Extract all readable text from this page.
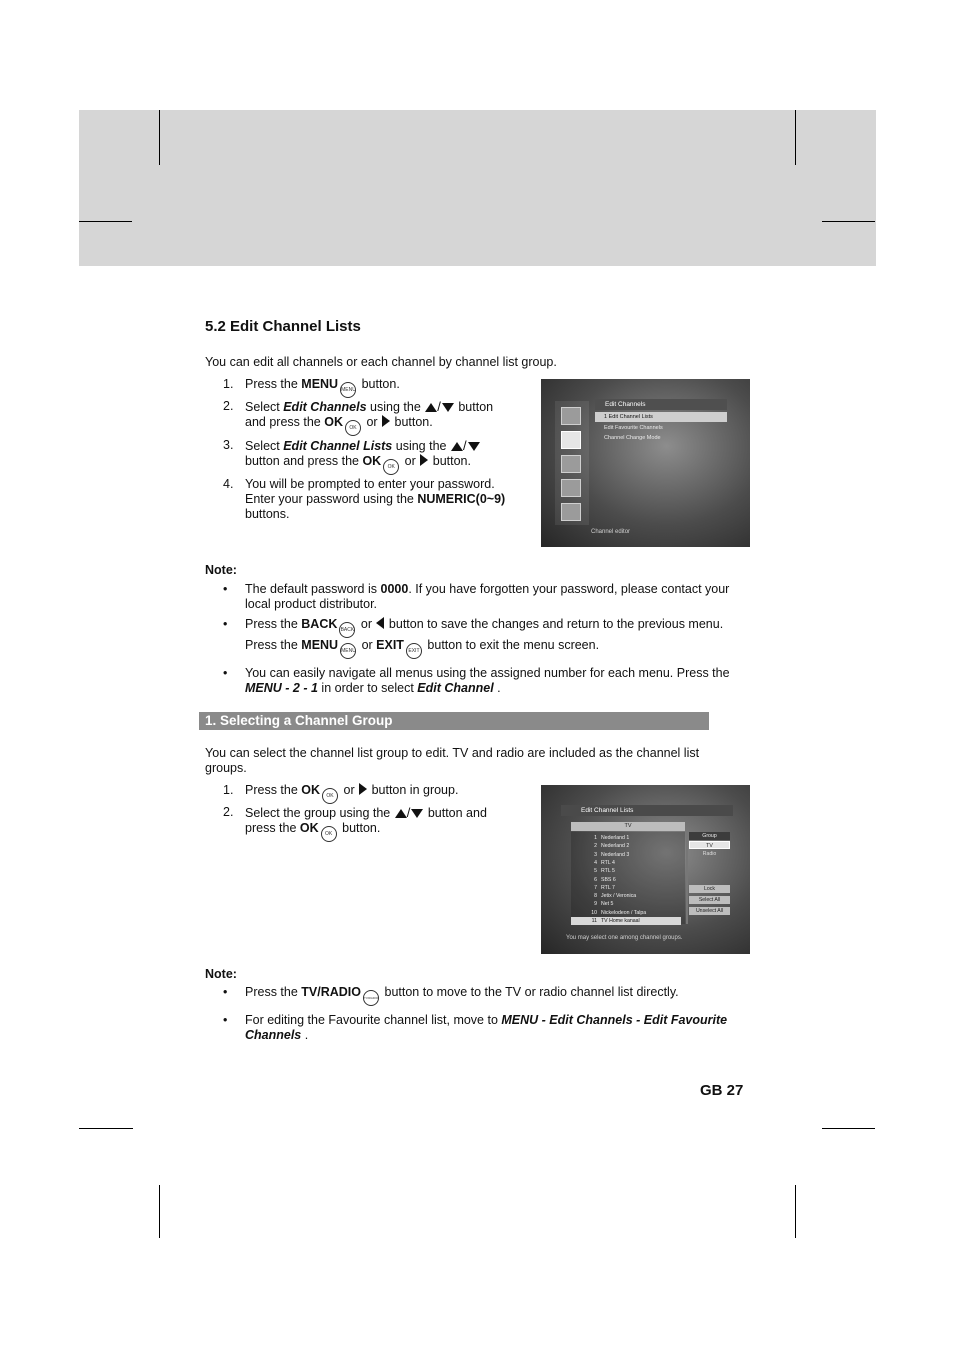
5.2 Edit Channel Lists

You can edit all channels or each channel by channel list group.

1. Press the MENU MENU button.
2. Select Edit Channels using the / button
and press the OK OK or  button.
3. Select Edit Channel Lists using the /
button and press the OK OK or  button.
4. You will be prompted to enter your password.
Enter your password using the NUMERIC(0~9)
buttons.
Edit Channels
1 Edit Channel Lists
Edit Favourite Channels
Channel Change Mode
Channel editor
Note:
• The default password is 0000. If you have forgotten your password, please contact your local product distributor.
• Press the BACK BACK or  button to save the changes and return to the previous menu.
Press the MENU MENU or EXIT EXIT button to exit the menu screen.
• You can easily navigate all menus using the assigned number for each menu. Press the
MENU - 2 - 1 in order to select Edit Channel .
1. Selecting a Channel Group

You can select the channel list group to edit. TV and radio are included as the channel list groups.

1. Press the OK OK or  button in group.
2. Select the group using the / button and
press the OK OK button.
Edit Channel Lists
TV
1 Nederland 1
2 Nederland 2
3 Nederland 3
4 RTL 4
5 RTL 5
6 SBS 6
7 RTL 7
8 Jetix / Veronica
9 Net 5
10 Nickelodeon / Talpa
11 TV Home kanaal
Group
TV
Radio
Lock
Select All
Unselect All
You may select one among channel groups.
Note:
• Press the TV/RADIO TV/RADIO button to move to the TV or radio channel list directly.
• For editing the Favourite channel list, move to MENU - Edit Channels - Edit Favourite
Channels .
GB 27
